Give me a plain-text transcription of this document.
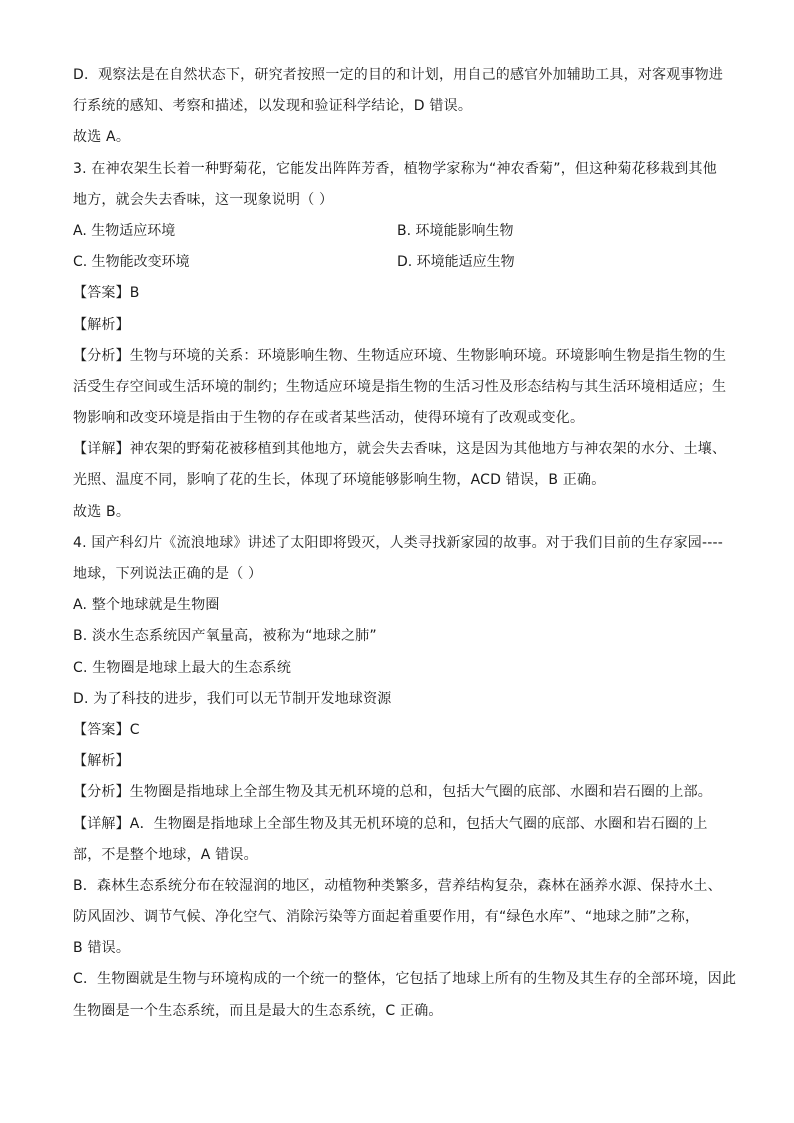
D．观察法是在自然状态下，研究者按照一定的目的和计划，用自己的感官外加辅助工具，对客观事物进
行系统的感知、考察和描述，以发现和验证科学结论，D 错误。
故选 A。
3. 在神农架生长着一种野菊花，它能发出阵阵芳香，植物学家称为“神农香菊”，但这种菊花移栽到其他
地方，就会失去香味，这一现象说明（ ）
A. 生物适应环境	B. 环境能影响生物
C. 生物能改变环境	D. 环境能适应生物
【答案】B
【解析】
【分析】生物与环境的关系：环境影响生物、生物适应环境、生物影响环境。环境影响生物是指生物的生
活受生存空间或生活环境的制约；生物适应环境是指生物的生活习性及形态结构与其生活环境相适应；生
物影响和改变环境是指由于生物的存在或者某些活动，使得环境有了改观或变化。
【详解】神农架的野菊花被移植到其他地方，就会失去香味，这是因为其他地方与神农架的水分、土壤、
光照、温度不同，影响了花的生长，体现了环境能够影响生物，ACD 错误，B 正确。
故选 B。
4. 国产科幻片《流浪地球》讲述了太阳即将毁灭，人类寻找新家园的故事。对于我们目前的生存家园----
地球，下列说法正确的是（ ）
A. 整个地球就是生物圈
B. 淡水生态系统因产氧量高，被称为“地球之肺”
C. 生物圈是地球上最大的生态系统
D. 为了科技的进步，我们可以无节制开发地球资源
【答案】C
【解析】
【分析】生物圈是指地球上全部生物及其无机环境的总和，包括大气圈的底部、水圈和岩石圈的上部。
【详解】A．生物圈是指地球上全部生物及其无机环境的总和，包括大气圈的底部、水圈和岩石圈的上
部，不是整个地球，A 错误。
B．森林生态系统分布在较湿润的地区，动植物种类繁多，营养结构复杂，森林在涵养水源、保持水土、
防风固沙、调节气候、净化空气、消除污染等方面起着重要作用，有“绿色水库”、“地球之肺”之称，
B 错误。
C．生物圈就是生物与环境构成的一个统一的整体，它包括了地球上所有的生物及其生存的全部环境，因此
生物圈是一个生态系统，而且是最大的生态系统，C 正确。
